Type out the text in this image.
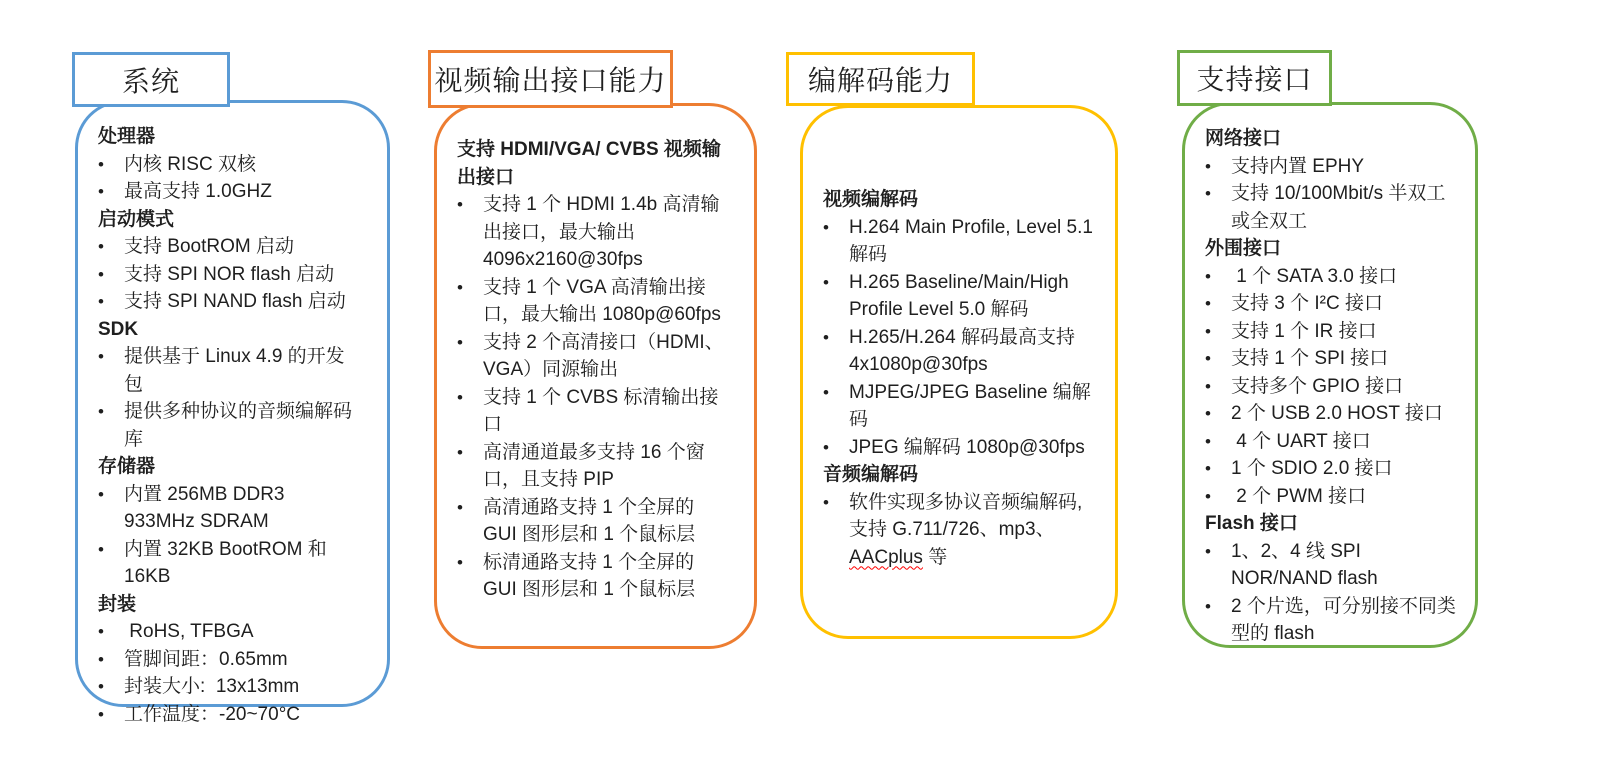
处理器
•	内核 RISC 双核
•	最高支持 1.0GHZ
启动模式
•	支持 BootROM 启动
•	支持 SPI NOR flash 启动
•	支持 SPI NAND flash 启动
SDK
•	提供基于 Linux 4.9 的开发包
•	提供多种协议的音频编解码库
存储器
•	内置 256MB DDR3 933MHz SDRAM
•	内置 32KB BootROM 和 16KB
封装
•	RoHS, TFBGA
•	管脚间距：0.65mm
•	封装大小:  13x13mm
•	工作温度：-20~70°C
系统
支持 HDMI/VGA/ CVBS 视频输出接口
•	支持 1 个 HDMI 1.4b 高清输出接口，最大输出 4096x2160@30fps
•	支持 1 个 VGA 高清输出接口，最大输出 1080p@60fps
•	支持 2 个高清接口（HDMI、VGA）同源输出
•	支持 1 个 CVBS 标清输出接口
•	高清通道最多支持 16 个窗口，且支持 PIP
•	高清通路支持 1 个全屏的 GUI 图形层和 1 个鼠标层
•	标清通路支持 1 个全屏的 GUI 图形层和 1 个鼠标层
视频输出接口能力
视频编解码
•	H.264 Main Profile, Level 5.1 解码
•	H.265 Baseline/Main/High Profile Level 5.0 解码
•	H.265/H.264 解码最高支持 4x1080p@30fps
•	MJPEG/JPEG Baseline 编解码
•	JPEG 编解码 1080p@30fps
音频编解码
•	软件实现多协议音频编解码, 支持 G.711/726、mp3、AACplus 等
编解码能力
网络接口
•	支持内置 EPHY
•	支持 10/100Mbit/s 半双工或全双工
外围接口
•	1 个 SATA 3.0 接口
•	支持 3 个 I²C 接口
•	支持 1 个 IR 接口
•	支持 1 个 SPI 接口
•	支持多个 GPIO 接口
•	2 个 USB 2.0 HOST 接口
•	4 个 UART 接口
•	1 个 SDIO 2.0 接口
•	2 个 PWM 接口
Flash 接口
•	1、2、4 线 SPI NOR/NAND flash
•	2 个片选，可分别接不同类型的 flash
支持接口
